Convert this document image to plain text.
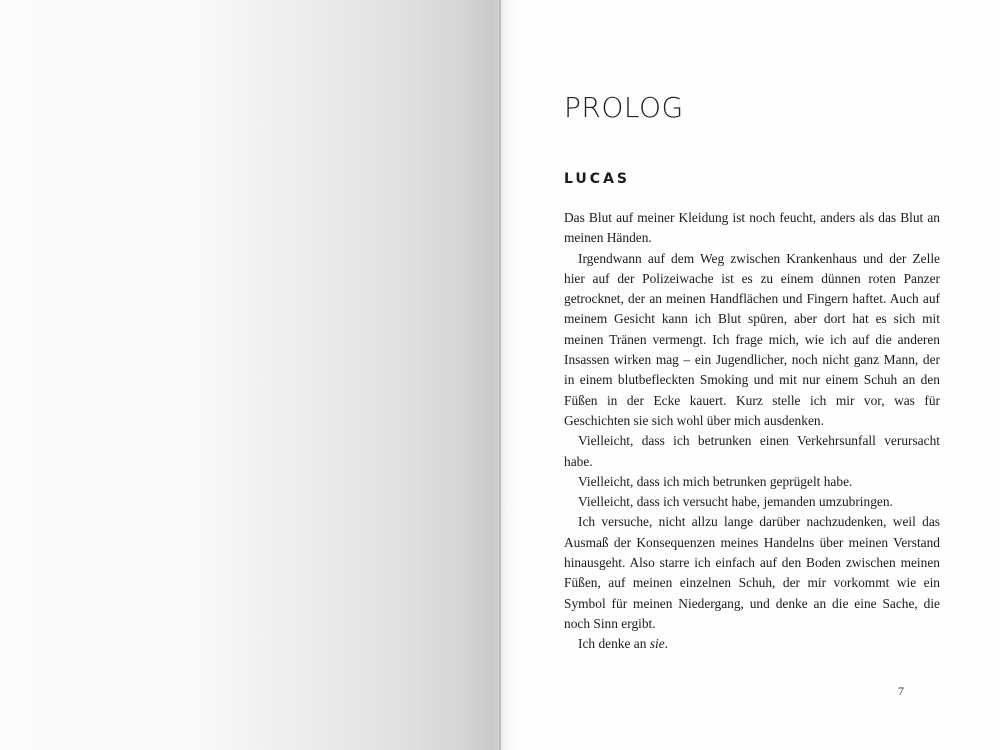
PROLOG
LUCAS

Das Blut auf meiner Kleidung ist noch feucht, anders als das Blut an meinen Händen.

Irgendwann auf dem Weg zwischen Krankenhaus und der Zelle hier auf der Polizeiwache ist es zu einem dünnen roten Panzer getrocknet, der an meinen Handflächen und Fingern haftet. Auch auf meinem Gesicht kann ich Blut spüren, aber dort hat es sich mit meinen Tränen vermengt. Ich frage mich, wie ich auf die anderen Insassen wirken mag – ein Jugendlicher, noch nicht ganz Mann, der in einem blutbefleckten Smoking und mit nur einem Schuh an den Füßen in der Ecke kauert. Kurz stelle ich mir vor, was für Geschichten sie sich wohl über mich ausdenken.

Vielleicht, dass ich betrunken einen Verkehrsunfall verursacht habe.

Vielleicht, dass ich mich betrunken geprügelt habe.

Vielleicht, dass ich versucht habe, jemanden umzubringen.

Ich versuche, nicht allzu lange darüber nachzudenken, weil das Ausmaß der Konsequenzen meines Handelns über meinen Verstand hinausgeht. Also starre ich einfach auf den Boden zwischen meinen Füßen, auf meinen einzelnen Schuh, der mir vorkommt wie ein Symbol für meinen Niedergang, und denke an die eine Sache, die noch Sinn ergibt.

Ich denke an sie.

7
